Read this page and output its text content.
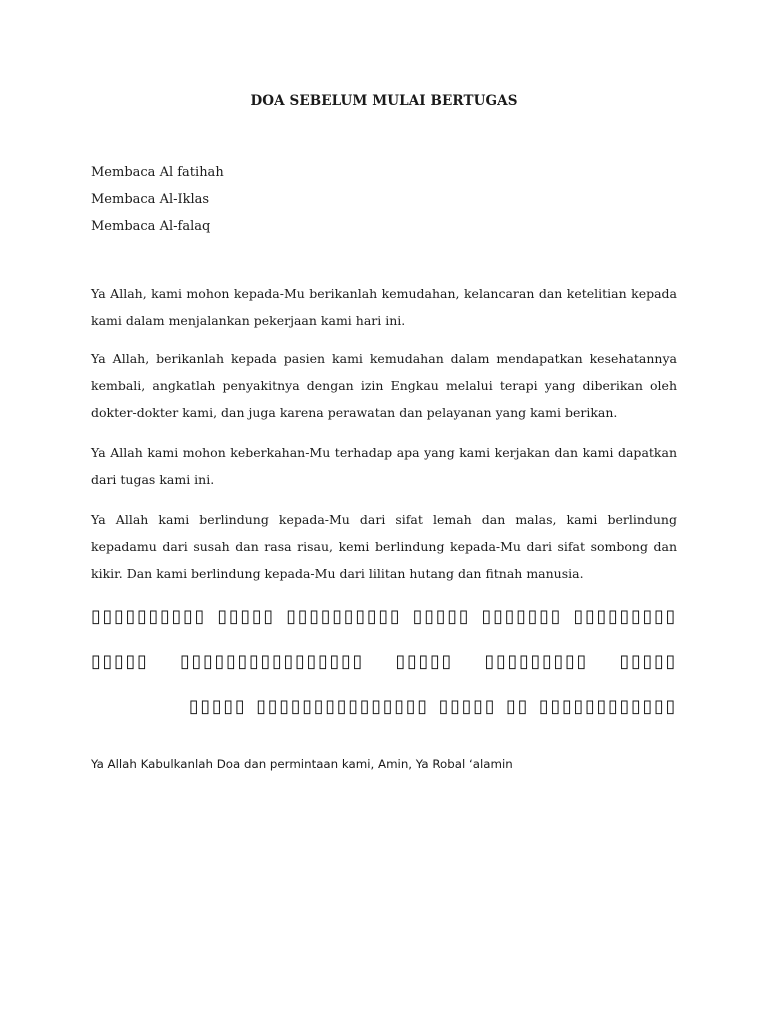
DOA SEBELUM MULAI BERTUGAS
Membaca Al fatihah
Membaca Al-Iklas
Membaca Al-falaq
Ya Allah, kami mohon kepada-Mu berikanlah kemudahan, kelancaran dan ketelitian kepada kami dalam menjalankan pekerjaan kami hari ini.
Ya Allah, berikanlah kepada pasien kami kemudahan dalam mendapatkan kesehatannya kembali, angkatlah penyakitnya dengan izin Engkau melalui terapi yang diberikan oleh dokter-dokter kami, dan juga karena perawatan dan pelayanan yang kami berikan.
Ya Allah kami mohon keberkahan-Mu terhadap apa yang kami kerjakan dan kami dapatkan dari tugas kami ini.
Ya Allah kami berlindung kepada-Mu dari sifat lemah dan malas, kami berlindung kepadamu dari susah dan rasa risau, kemi berlindung kepada-Mu dari sifat sombong dan kikir. Dan kami berlindung kepada-Mu dari lilitan hutang dan fitnah manusia.
▯▯▯▯▯▯▯▯▯ ▯▯▯▯▯▯▯ ▯▯▯▯▯ ▯▯▯▯▯▯▯▯▯▯ ▯▯▯▯▯ ▯▯▯▯▯▯▯▯▯▯ ▯▯▯▯▯ ▯▯▯▯▯▯▯▯▯ ▯▯▯▯▯ ▯▯▯▯▯▯▯▯▯▯▯▯▯▯▯▯ ▯▯▯▯▯ ▯▯▯▯▯▯▯▯▯▯▯▯ ▯▯ ▯▯▯▯▯ ▯▯▯▯▯▯▯▯▯▯▯▯▯▯▯ ▯▯▯▯▯
Ya Allah Kabulkanlah Doa dan permintaan kami, Amin, Ya Robal ‘alamin
